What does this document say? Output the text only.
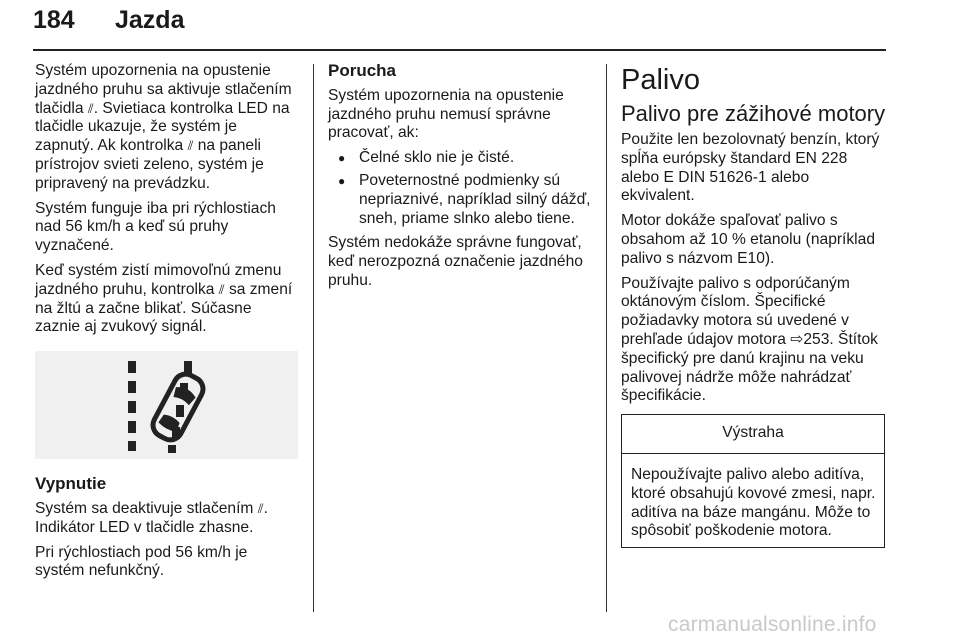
184 Jazda

Systém upozornenia na opustenie jazdného pruhu sa aktivuje stlačením tlačidla ⫽. Svietiaca kontrolka LED na tlačidle ukazuje, že systém je zapnutý. Ak kontrolka ⫽ na paneli prístrojov svieti zeleno, systém je pripravený na prevádzku.

Systém funguje iba pri rýchlostiach nad 56 km/h a keď sú pruhy vyznačené.

Keď systém zistí mimovoľnú zmenu jazdného pruhu, kontrolka ⫽ sa zmení na žltú a začne blikať. Súčasne zaznie aj zvukový signál.

Vypnutie

Systém sa deaktivuje stlačením ⫽. Indikátor LED v tlačidle zhasne.

Pri rýchlostiach pod 56 km/h je systém nefunkčný.

Porucha

Systém upozornenia na opustenie jazdného pruhu nemusí správne pracovať, ak:

● Čelné sklo nie je čisté.
● Poveternostné podmienky sú nepriaznivé, napríklad silný dážď, sneh, priame slnko alebo tiene.

Systém nedokáže správne fungovať, keď nerozpozná označenie jazdného pruhu.

Palivo
Palivo pre zážihové motory

Použite len bezolovnatý benzín, ktorý spĺňa európsky štandard EN 228 alebo E DIN 51626-1 alebo ekvivalent.

Motor dokáže spaľovať palivo s obsahom až 10 % etanolu (napríklad palivo s názvom E10).

Používajte palivo s odporúčaným oktánovým číslom. Špecifické požiadavky motora sú uvedené v prehľade údajov motora ⇨253. Štítok špecifický pre danú krajinu na veku palivovej nádrže môže nahrádzať špecifikácie.

Výstraha
Nepoužívajte palivo alebo aditíva, ktoré obsahujú kovové zmesi, napr. aditíva na báze mangánu. Môže to spôsobiť poškodenie motora.
carmanualsonline.info
